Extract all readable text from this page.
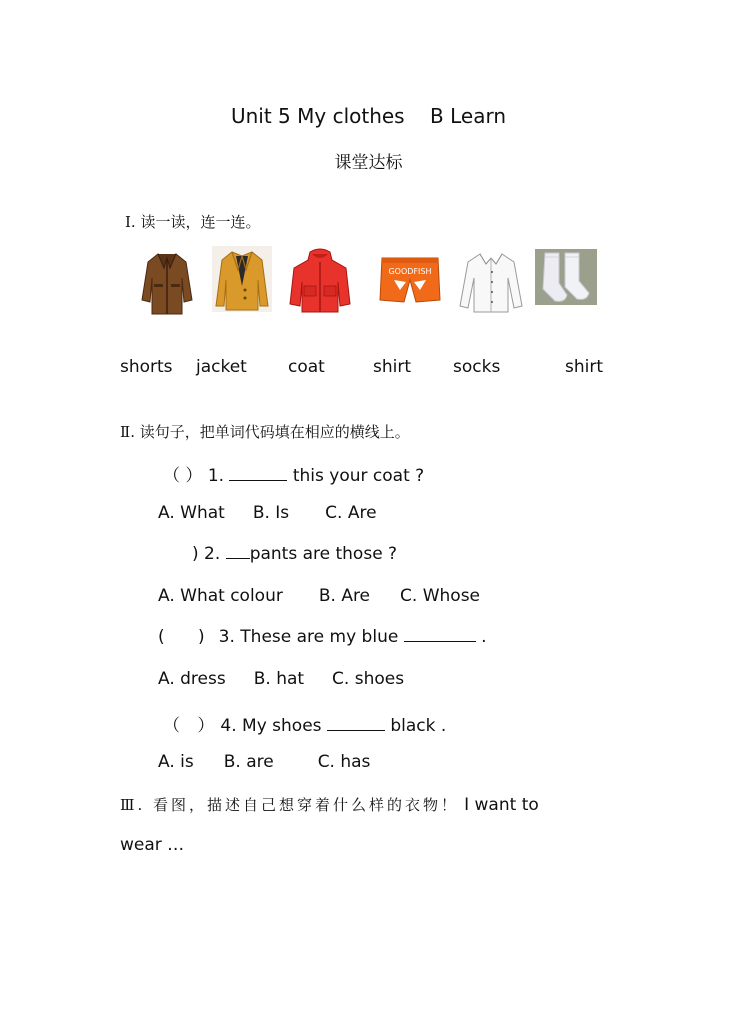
Unit 5 My clothes B Learn
课堂达标
Ⅰ. 读一读，连一连。
GOODFISH
shorts jacket coat	shirt socks	shirt
Ⅱ. 读句子，把单词代码填在相应的横线上。
（ ） 1.	this your coat ?
A. What B. Is C. Are
) 2. pants are those ?
A. What colour B. Are C. Whose
( )3. These are my blue	.
A. dress B. hat C. shoes
（ ）4. My shoes	black .
A. is B. are	C. has
Ⅲ. 看图，描述自己想穿着什么样的衣物！ I want to
wear …
